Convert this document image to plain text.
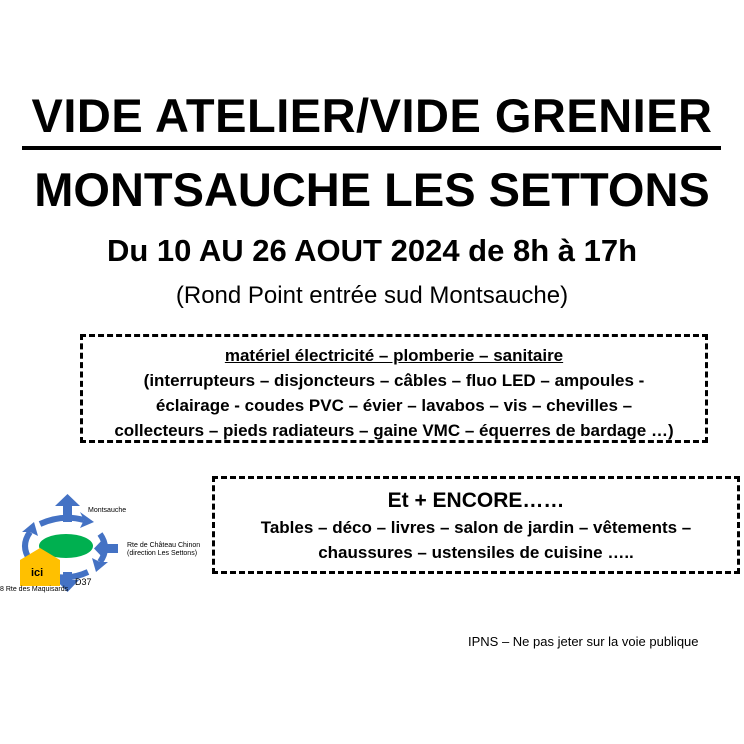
VIDE ATELIER/VIDE GRENIER
MONTSAUCHE LES SETTONS
Du 10 AU 26 AOUT 2024 de 8h à 17h
(Rond Point entrée sud Montsauche)
matériel électricité – plomberie – sanitaire
(interrupteurs – disjoncteurs – câbles – fluo LED – ampoules -
éclairage - coudes PVC – évier – lavabos – vis – chevilles –
collecteurs – pieds radiateurs – gaine VMC – équerres de bardage …)
Et + ENCORE……
Tables – déco – livres – salon de jardin – vêtements –
chaussures – ustensiles de cuisine …..
Montsauche
Rte de Château Chinon
(direction Les Settons)
ici
D37
8 Rte des Maquisards
IPNS – Ne pas jeter sur la voie publique
